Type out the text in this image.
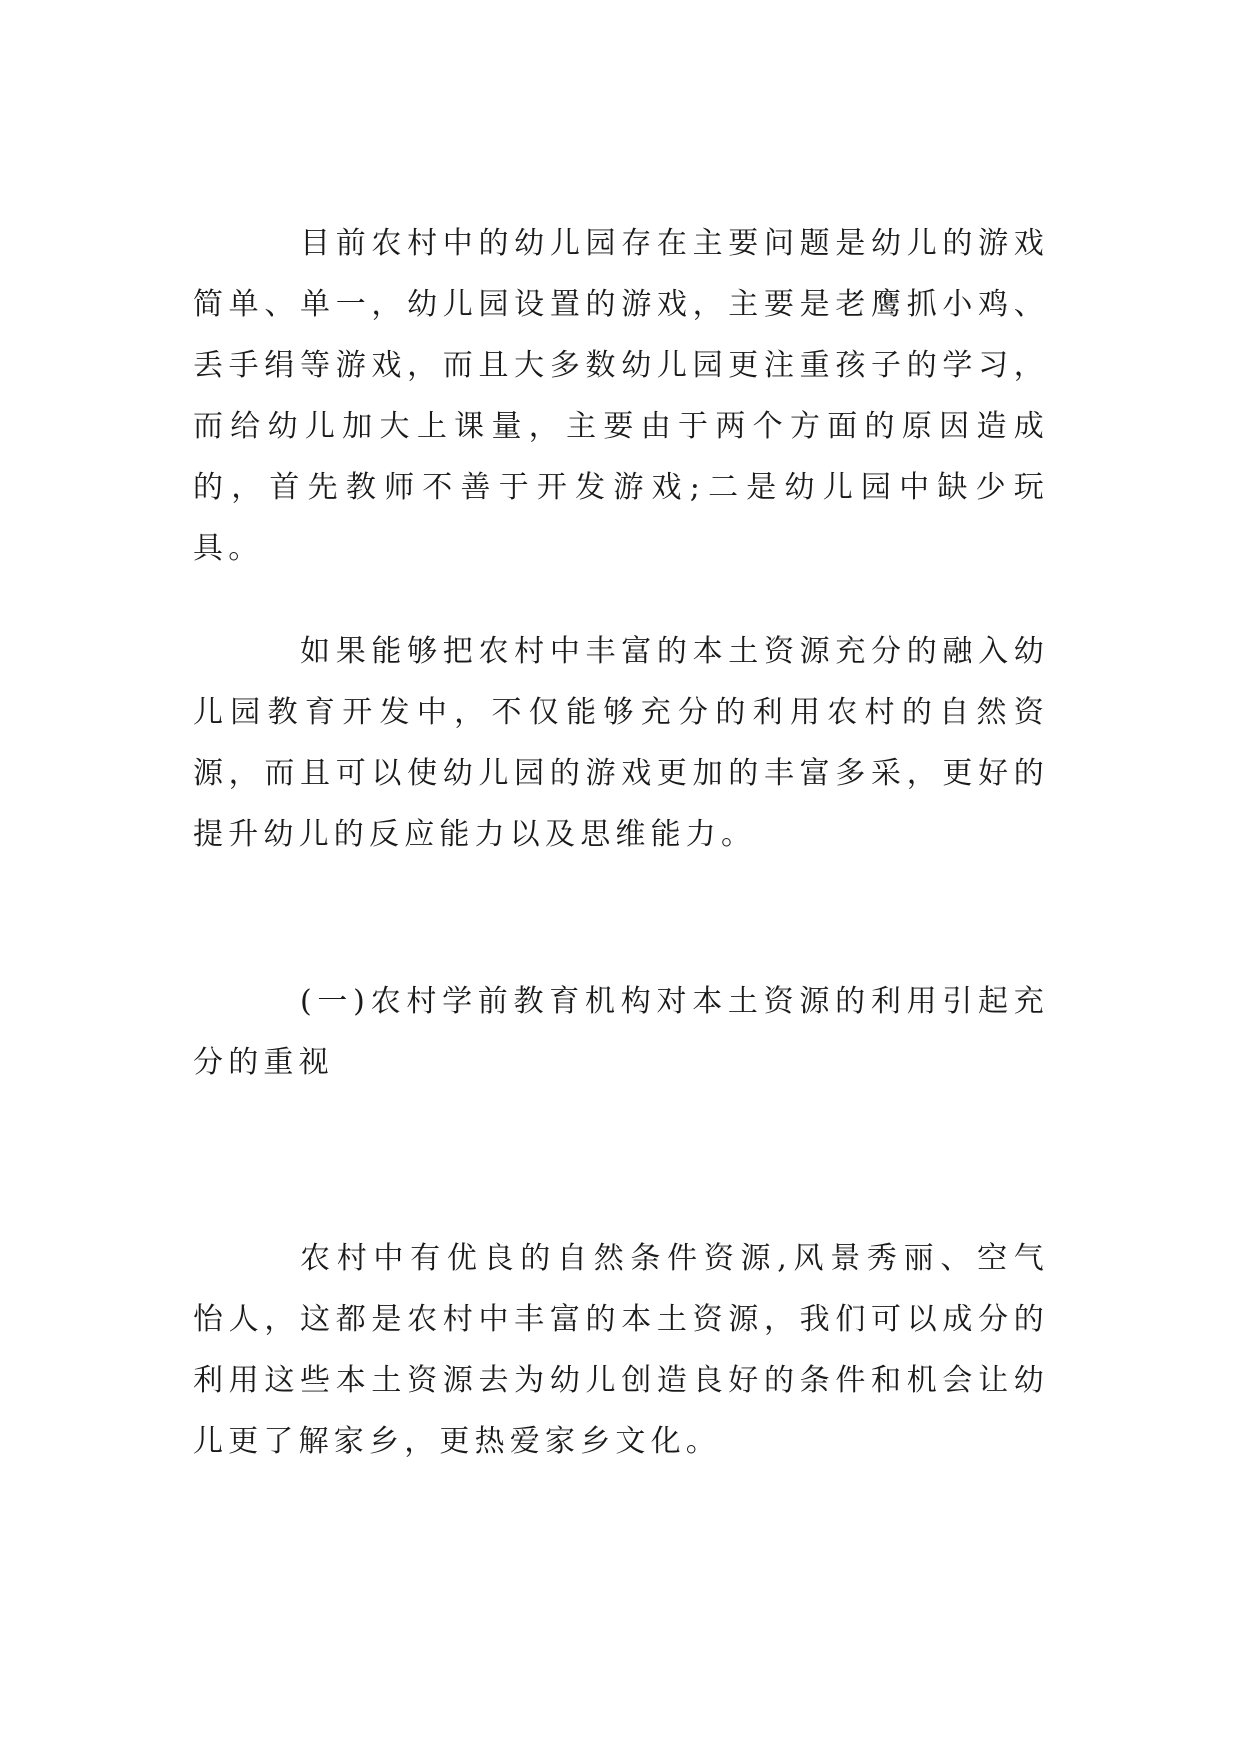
目前农村中的幼儿园存在主要问题是幼儿的游戏简单、单一，幼儿园设置的游戏，主要是老鹰抓小鸡、丢手绢等游戏，而且大多数幼儿园更注重孩子的学习，而给幼儿加大上课量，主要由于两个方面的原因造成的，首先教师不善于开发游戏;二是幼儿园中缺少玩具。

如果能够把农村中丰富的本土资源充分的融入幼儿园教育开发中，不仅能够充分的利用农村的自然资源，而且可以使幼儿园的游戏更加的丰富多采，更好的提升幼儿的反应能力以及思维能力。

(一)农村学前教育机构对本土资源的利用引起充分的重视

农村中有优良的自然条件资源,风景秀丽、空气怡人，这都是农村中丰富的本土资源，我们可以成分的利用这些本土资源去为幼儿创造良好的条件和机会让幼儿更了解家乡，更热爱家乡文化。
